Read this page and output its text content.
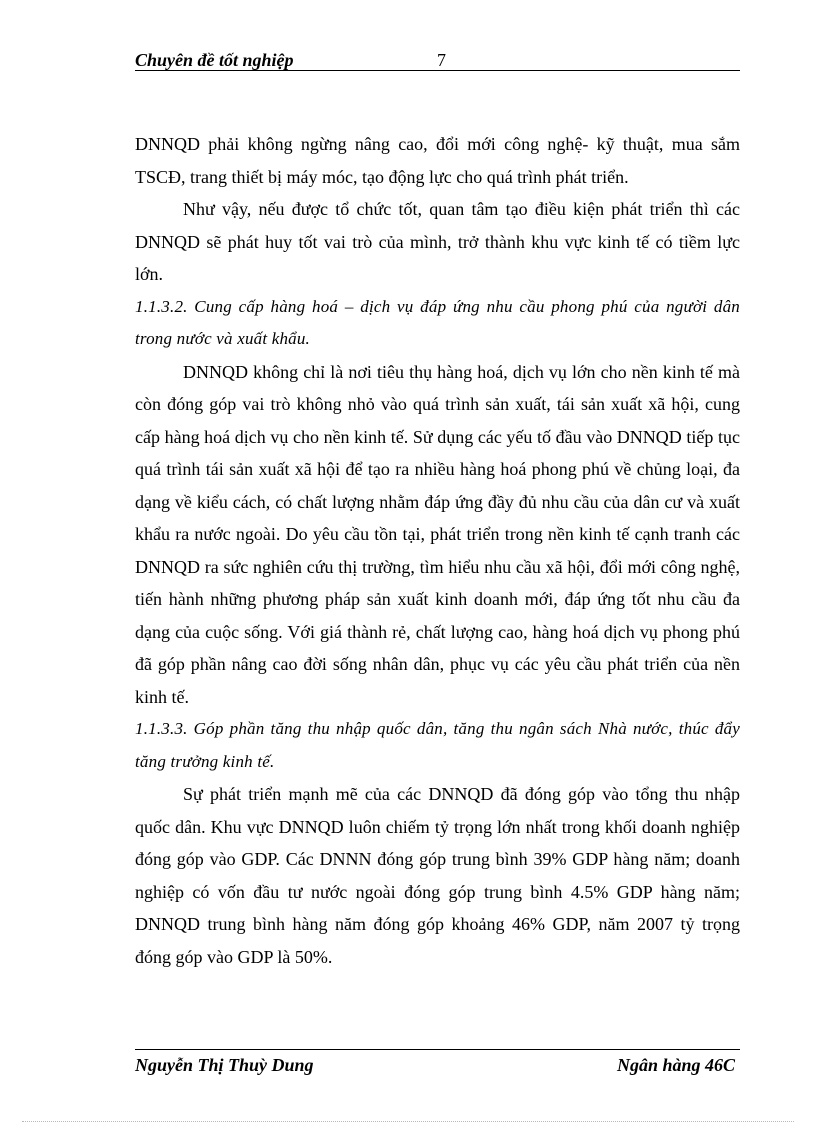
Chuyên đề tốt nghiệp	7

DNNQD phải không ngừng nâng cao, đổi mới công nghệ- kỹ thuật, mua sắm TSCĐ, trang thiết bị máy móc, tạo động lực cho quá trình phát triển.

Như vậy, nếu được tổ chức tốt, quan tâm tạo điều kiện phát triển thì các DNNQD sẽ phát huy tốt vai trò của mình, trở thành khu vực kinh tế có tiềm lực lớn.

1.1.3.2. Cung cấp hàng hoá – dịch vụ đáp ứng nhu cầu phong phú của người dân trong nước và xuất khẩu.

DNNQD không chỉ là nơi tiêu thụ hàng hoá, dịch vụ lớn cho nền kinh tế mà còn đóng góp vai trò không nhỏ vào quá trình sản xuất, tái sản xuất xã hội, cung cấp hàng hoá dịch vụ cho nền kinh tế. Sử dụng các yếu tố đầu vào DNNQD tiếp tục quá trình tái sản xuất xã hội để tạo ra nhiều hàng hoá phong phú về chủng loại, đa dạng về kiểu cách, có chất lượng nhằm đáp ứng đầy đủ nhu cầu của dân cư và xuất khẩu ra nước ngoài. Do yêu cầu tồn tại, phát triển trong nền kinh tế cạnh tranh các DNNQD ra sức nghiên cứu thị trường, tìm hiểu nhu cầu xã hội, đổi mới công nghệ, tiến hành những phương pháp sản xuất kinh doanh mới, đáp ứng tốt nhu cầu đa dạng của cuộc sống. Với giá thành rẻ, chất lượng cao, hàng hoá dịch vụ phong phú đã góp phần nâng cao đời sống nhân dân, phục vụ các yêu cầu phát triển của nền kinh tế.

1.1.3.3. Góp phần tăng thu nhập quốc dân, tăng thu ngân sách Nhà nước, thúc đẩy tăng trưởng kinh tế.

Sự phát triển mạnh mẽ của các DNNQD đã đóng góp vào tổng thu nhập quốc dân. Khu vực DNNQD luôn chiếm tỷ trọng lớn nhất trong khối doanh nghiệp đóng góp vào GDP. Các DNNN đóng góp trung bình 39% GDP hàng năm; doanh nghiệp có vốn đầu tư nước ngoài đóng góp trung bình 4.5% GDP hàng năm; DNNQD trung bình hàng năm đóng góp khoảng 46% GDP, năm 2007 tỷ trọng đóng góp vào GDP là 50%.

Nguyễn Thị Thuỳ Dung	Ngân hàng 46C
